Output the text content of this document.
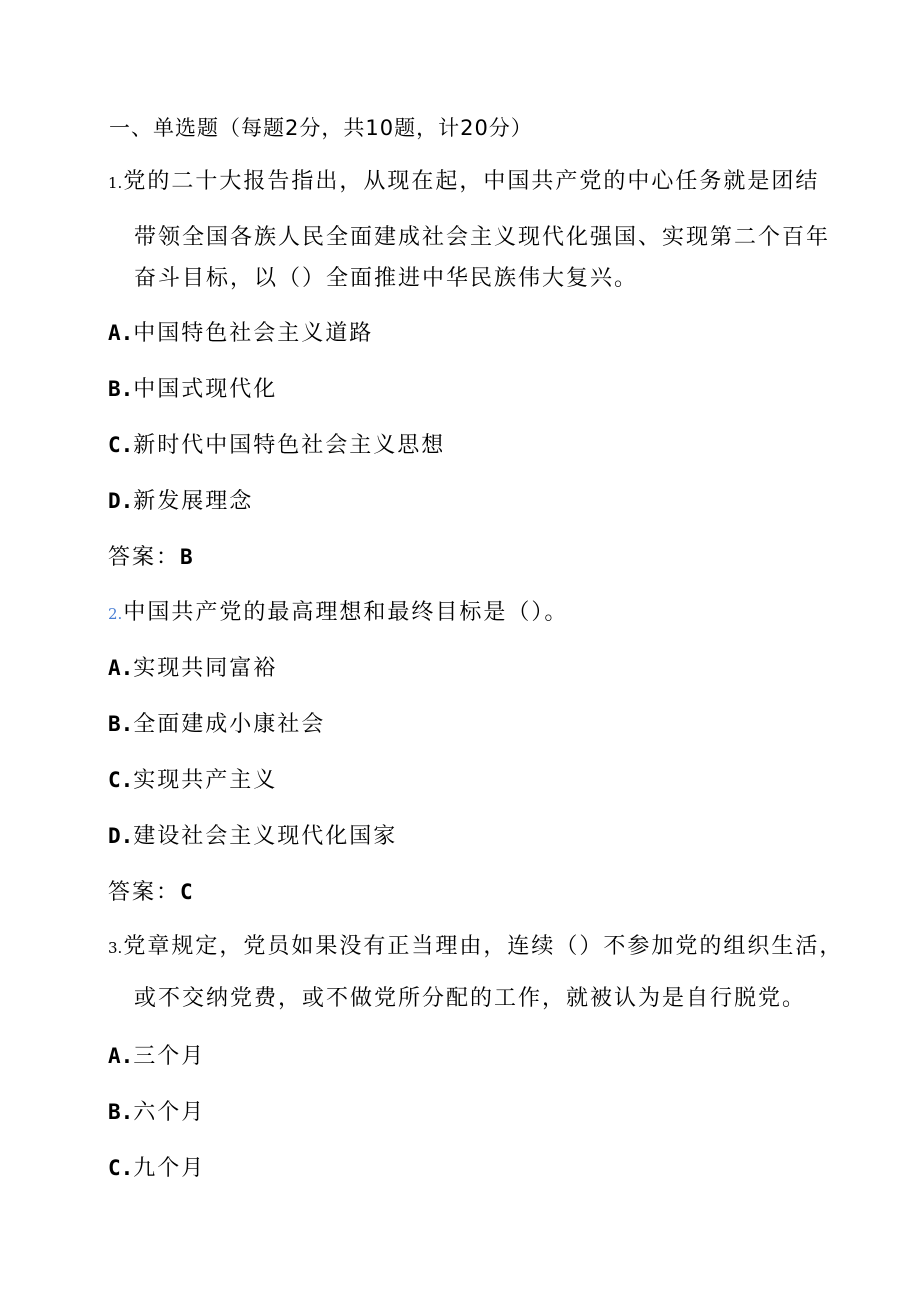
一、单选题（每题2分，共10题，计20分）
1.党的二十大报告指出，从现在起，中国共产党的中心任务就是团结
带领全国各族人民全面建成社会主义现代化强国、实现第二个百年
奋斗目标，以（）全面推进中华民族伟大复兴。
A.中国特色社会主义道路
B.中国式现代化
C.新时代中国特色社会主义思想
D.新发展理念
答案：B
2.中国共产党的最高理想和最终目标是（）。
A.实现共同富裕
B.全面建成小康社会
C.实现共产主义
D.建设社会主义现代化国家
答案：C
3.党章规定，党员如果没有正当理由，连续（）不参加党的组织生活，
或不交纳党费，或不做党所分配的工作，就被认为是自行脱党。
A.三个月
B.六个月
C.九个月
